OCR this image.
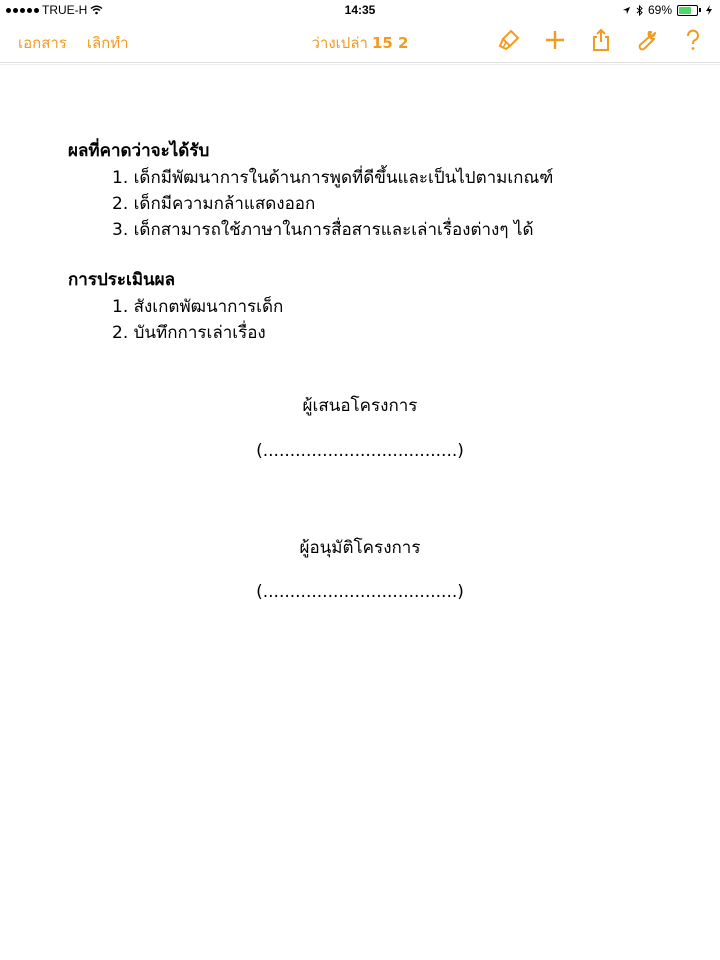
TRUE-H	14:35	69%
เอกสาร เลิกทำ	ว่างเปล่า 15 2
ผลที่คาดว่าจะได้รับ
1. เด็กมีพัฒนาการในด้านการพูดที่ดีขึ้นและเป็นไปตามเกณฑ์
2. เด็กมีความกล้าแสดงออก
3. เด็กสามารถใช้ภาษาในการสื่อสารและเล่าเรื่องต่างๆ ได้
การประเมินผล
1. สังเกตพัฒนาการเด็ก
2. บันทึกการเล่าเรื่อง
ผู้เสนอโครงการ
(....................................)
ผู้อนุมัติโครงการ
(....................................)
